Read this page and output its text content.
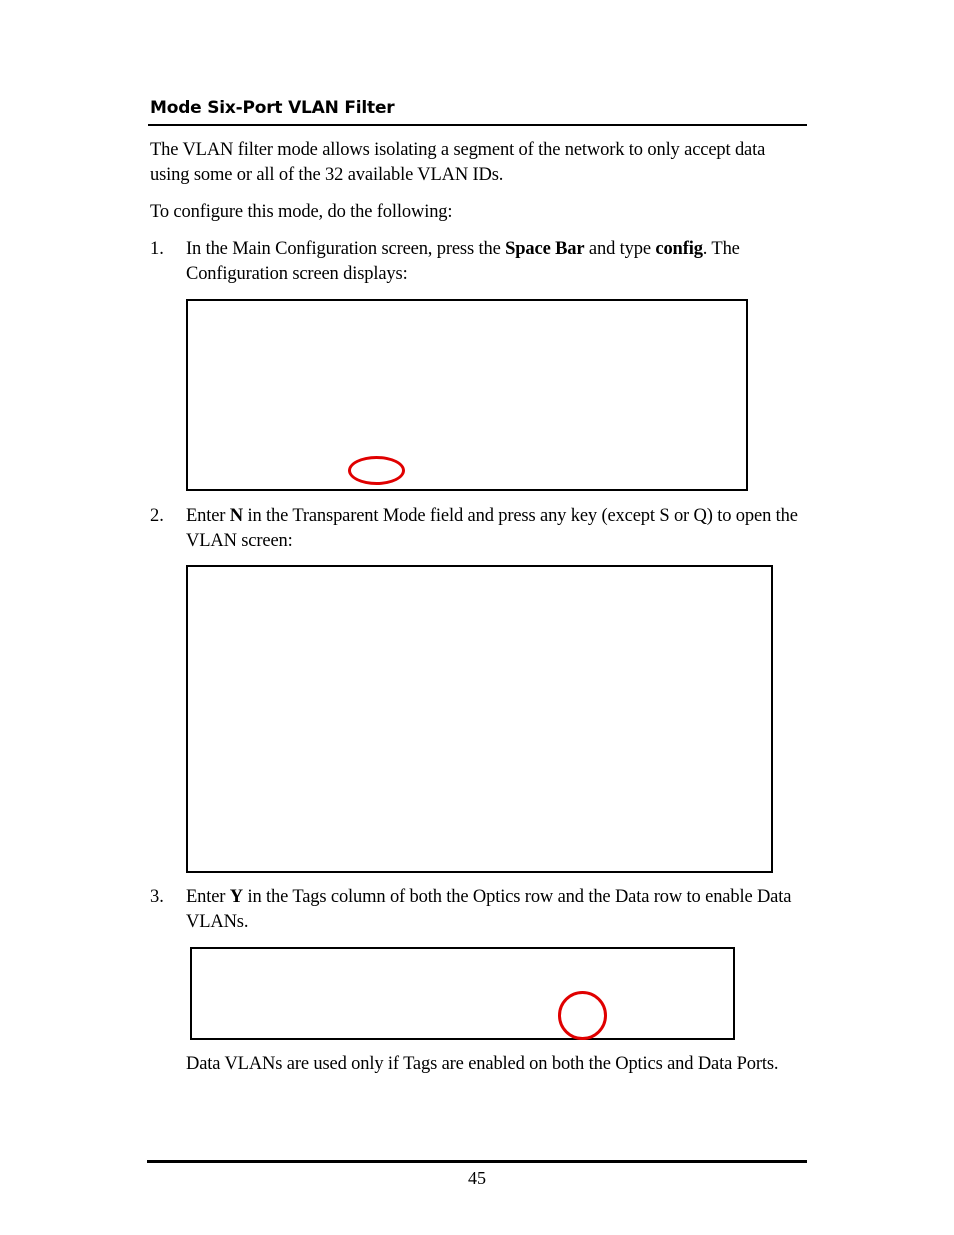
Mode Six-Port VLAN Filter
The VLAN filter mode allows isolating a segment of the network to only accept data using some or all of the 32 available VLAN IDs.
To configure this mode, do the following:
1. In the Main Configuration screen, press the Space Bar and type config. The Configuration screen displays:
2. Enter N in the Transparent Mode field and press any key (except S or Q) to open the VLAN screen:
3. Enter Y in the Tags column of both the Optics row and the Data row to enable Data VLANs.
Data VLANs are used only if Tags are enabled on both the Optics and Data Ports.
45
